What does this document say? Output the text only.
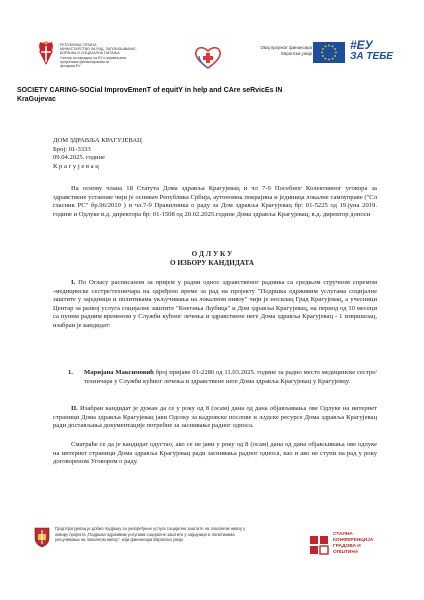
РЕПУБЛИКА СРБИЈА
МИНИСТАРСТВО ЗА РАД, ЗАПОШЉАВАЊЕ,
БОРАЧКА И СОЦИЈАЛНА ПИТАЊА
Сектор за сарадњу са ЕУ и управљање
пројектима финансираним из
фондова ЕУ
Овај пројекат финансира
Европска унија
#ЕУ
ЗА ТЕБЕ
SOCIETY CARING-SOCial ImprovEmenT of equitY in help and CAre seRvicEs IN
KraGujevac
ДОМ ЗДРАВЉА КРАГУЈЕВАЦ
Број: 01-3333
09.04.2025. године
К р а г у ј е в а ц
На основу члана 18 Статута Дома здравља Крагујевац и чл 7-9 Посебног Колективног уговора за здравствене установе чији је оснивач Република Србија, аутономна покрајина и јединица локалне самоуправе ("Сл гласник РС" бр.96/2019 ) и чл.7-9 Правилника о раду за Дом здравља Крагујевац бр: 01-5225 од 19.јуна 2019. године и Одлуке в.д. директора бр: 01-1508 од 20.02.2025.године Дома здравља Крагујевац, в.д. директор доноси
О Д Л У К У
О ИЗБОРУ КАНДИДАТА
I. По Огласу расписаном за пријем у радни однос здравственог радника са средњом стручном спремом -медицинске сестре/техничара на одређено време за рад на пројекту "Подршка одрживим услугама социјалне заштите у заједници и политикама укључивања на локалном нивоу" чији је носилац Град Крагујевац, а учесници Центар за развој услуга социјалне заштите "Кнегиња Љубица" и Дом здравља Крагујевац, на период од 10 месеци са пуним радним временом у Служби кућног лечења и здравствене неге Дома здравља Крагујевац - 1 извршилац, изабран је кандидат:
1. Маријана Максимовић број пријаве 01-2286 од 11.03.2025. године за радно место медицинске сестре/техничара у Служби кућног лечења и здравствене неге Дома здравља Крагујевац у Крагујевцу.
II. Изабран кандидат је дужан да се у року од 8 (осам) дана од дана објављивања ове Одлуке на интернет страници Дома здравља Крагујевац јави Одсеку за кадровске послове и људске ресурсе Дома здравља Крагујевац ради достављања документације потребне за заснивање радног односа.
Сматраће се да је кандидат одустао, ако се не јави у року од 8 (осам) дана од дана објављивања ове одлуке на интернет страници Дома здравља Крагујевац ради заснивања радног односа, као и ако не ступи на рад у року договореном Уговором о раду.
Град Крагујевац је добио подршку за унапређење услуга социјалне заштите на локалном нивоу у оквиру пројекта „Подршка одрживим услугама социјалне заштите у заједници и политикама укључивања на локалном нивоу", који финансира Европска унија
СТАЛНА
КОНФЕРЕНЦИЈА
ГРАДОВА И
ОПШТИНА
